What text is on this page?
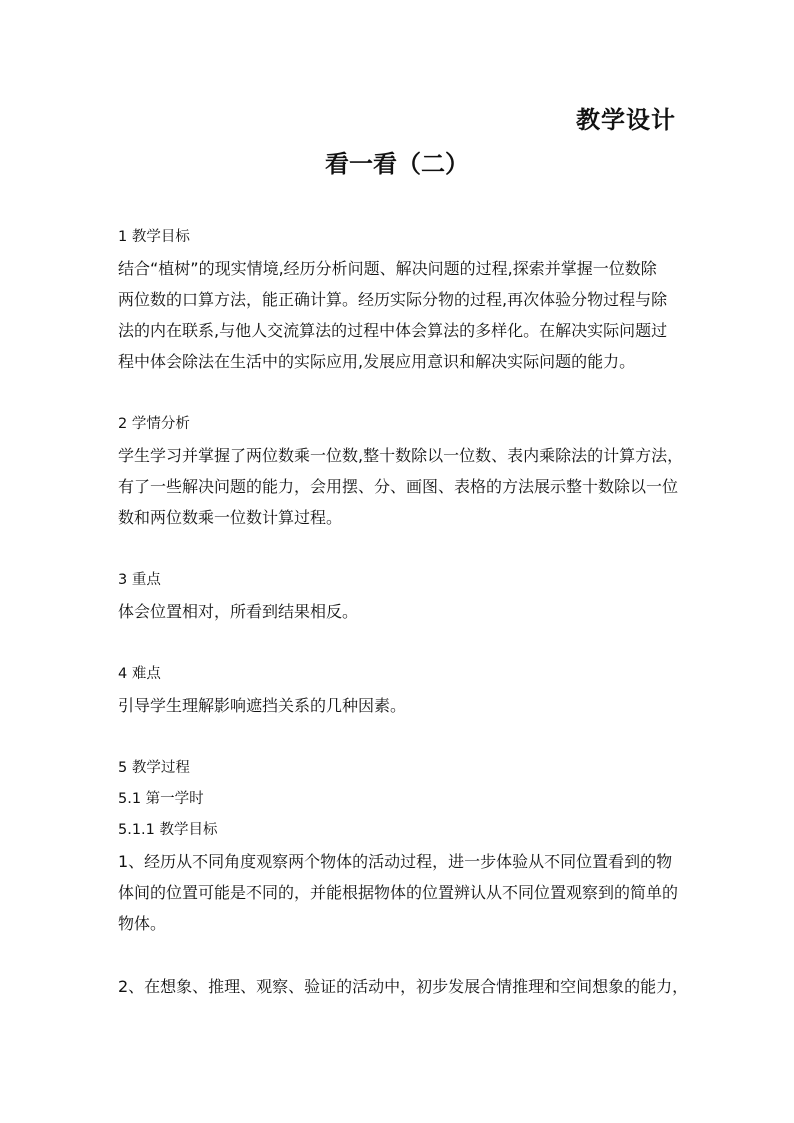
教学设计
看一看（二）
1 教学目标

结合“植树”的现实情境,经历分析问题、解决问题的过程,探索并掌握一位数除
两位数的口算方法，能正确计算。经历实际分物的过程,再次体验分物过程与除
法的内在联系,与他人交流算法的过程中体会算法的多样化。在解决实际问题过
程中体会除法在生活中的实际应用,发展应用意识和解决实际问题的能力。

2 学情分析

学生学习并掌握了两位数乘一位数,整十数除以一位数、表内乘除法的计算方法，
有了一些解决问题的能力，会用摆、分、画图、表格的方法展示整十数除以一位
数和两位数乘一位数计算过程。

3 重点

体会位置相对，所看到结果相反。

4 难点

引导学生理解影响遮挡关系的几种因素。

5 教学过程
5.1 第一学时
5.1.1 教学目标

1、经历从不同角度观察两个物体的活动过程，进一步体验从不同位置看到的物
体间的位置可能是不同的，并能根据物体的位置辨认从不同位置观察到的简单的
物体。

2、在想象、推理、观察、验证的活动中，初步发展合情推理和空间想象的能力，
